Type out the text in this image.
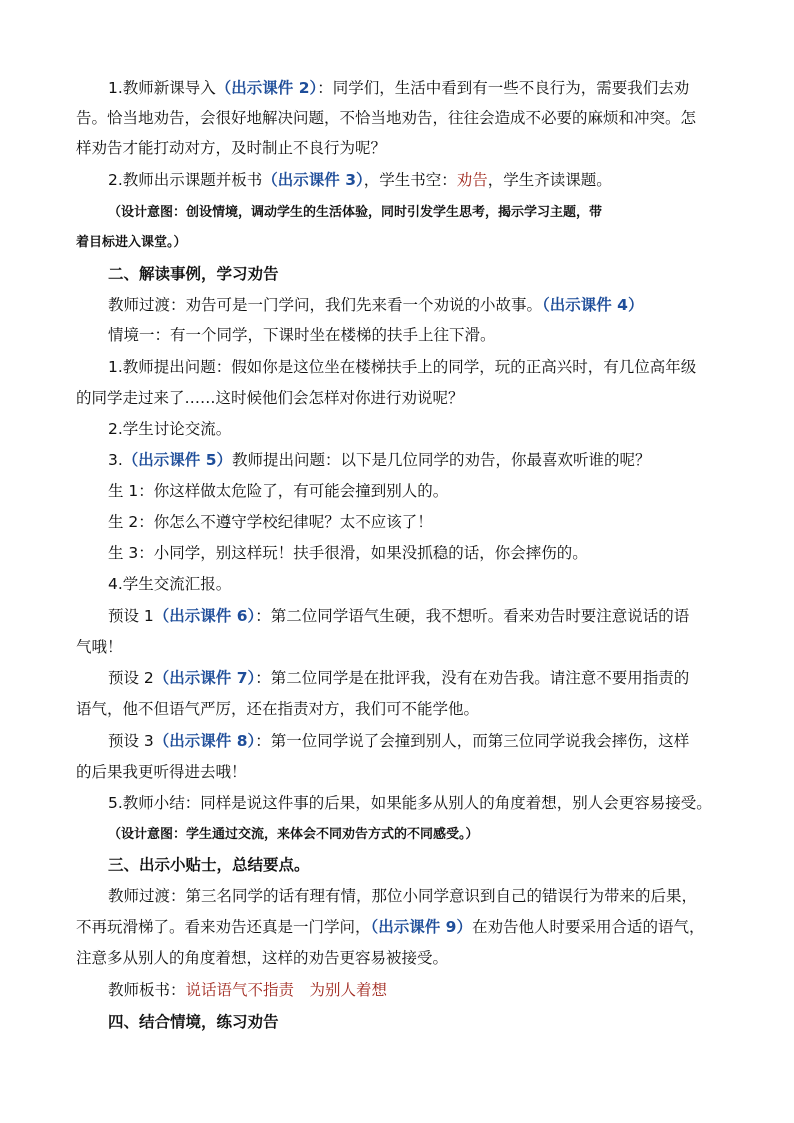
1.教师新课导入（出示课件 2）：同学们，生活中看到有一些不良行为，需要我们去劝
告。恰当地劝告，会很好地解决问题，不恰当地劝告，往往会造成不必要的麻烦和冲突。怎
样劝告才能打动对方，及时制止不良行为呢？
2.教师出示课题并板书（出示课件 3），学生书空：劝告，学生齐读课题。
（设计意图：创设情境，调动学生的生活体验，同时引发学生思考，揭示学习主题，带
着目标进入课堂。）
二、解读事例，学习劝告
教师过渡：劝告可是一门学问，我们先来看一个劝说的小故事。（出示课件 4）
情境一：有一个同学，下课时坐在楼梯的扶手上往下滑。
1.教师提出问题：假如你是这位坐在楼梯扶手上的同学，玩的正高兴时，有几位高年级
的同学走过来了……这时候他们会怎样对你进行劝说呢？
2.学生讨论交流。
3.（出示课件 5）教师提出问题：以下是几位同学的劝告，你最喜欢听谁的呢？
生 1：你这样做太危险了，有可能会撞到别人的。
生 2：你怎么不遵守学校纪律呢？太不应该了！
生 3：小同学，别这样玩！扶手很滑，如果没抓稳的话，你会摔伤的。
4.学生交流汇报。
预设 1（出示课件 6）：第二位同学语气生硬，我不想听。看来劝告时要注意说话的语
气哦！
预设 2（出示课件 7）：第二位同学是在批评我，没有在劝告我。请注意不要用指责的
语气，他不但语气严厉，还在指责对方，我们可不能学他。
预设 3（出示课件 8）：第一位同学说了会撞到别人，而第三位同学说我会摔伤，这样
的后果我更听得进去哦！
5.教师小结：同样是说这件事的后果，如果能多从别人的角度着想，别人会更容易接受。
（设计意图：学生通过交流，来体会不同劝告方式的不同感受。）
三、出示小贴士，总结要点。
教师过渡：第三名同学的话有理有情，那位小同学意识到自己的错误行为带来的后果，
不再玩滑梯了。看来劝告还真是一门学问，（出示课件 9）在劝告他人时要采用合适的语气，
注意多从别人的角度着想，这样的劝告更容易被接受。
教师板书：说话语气不指责　为别人着想
四、结合情境，练习劝告
